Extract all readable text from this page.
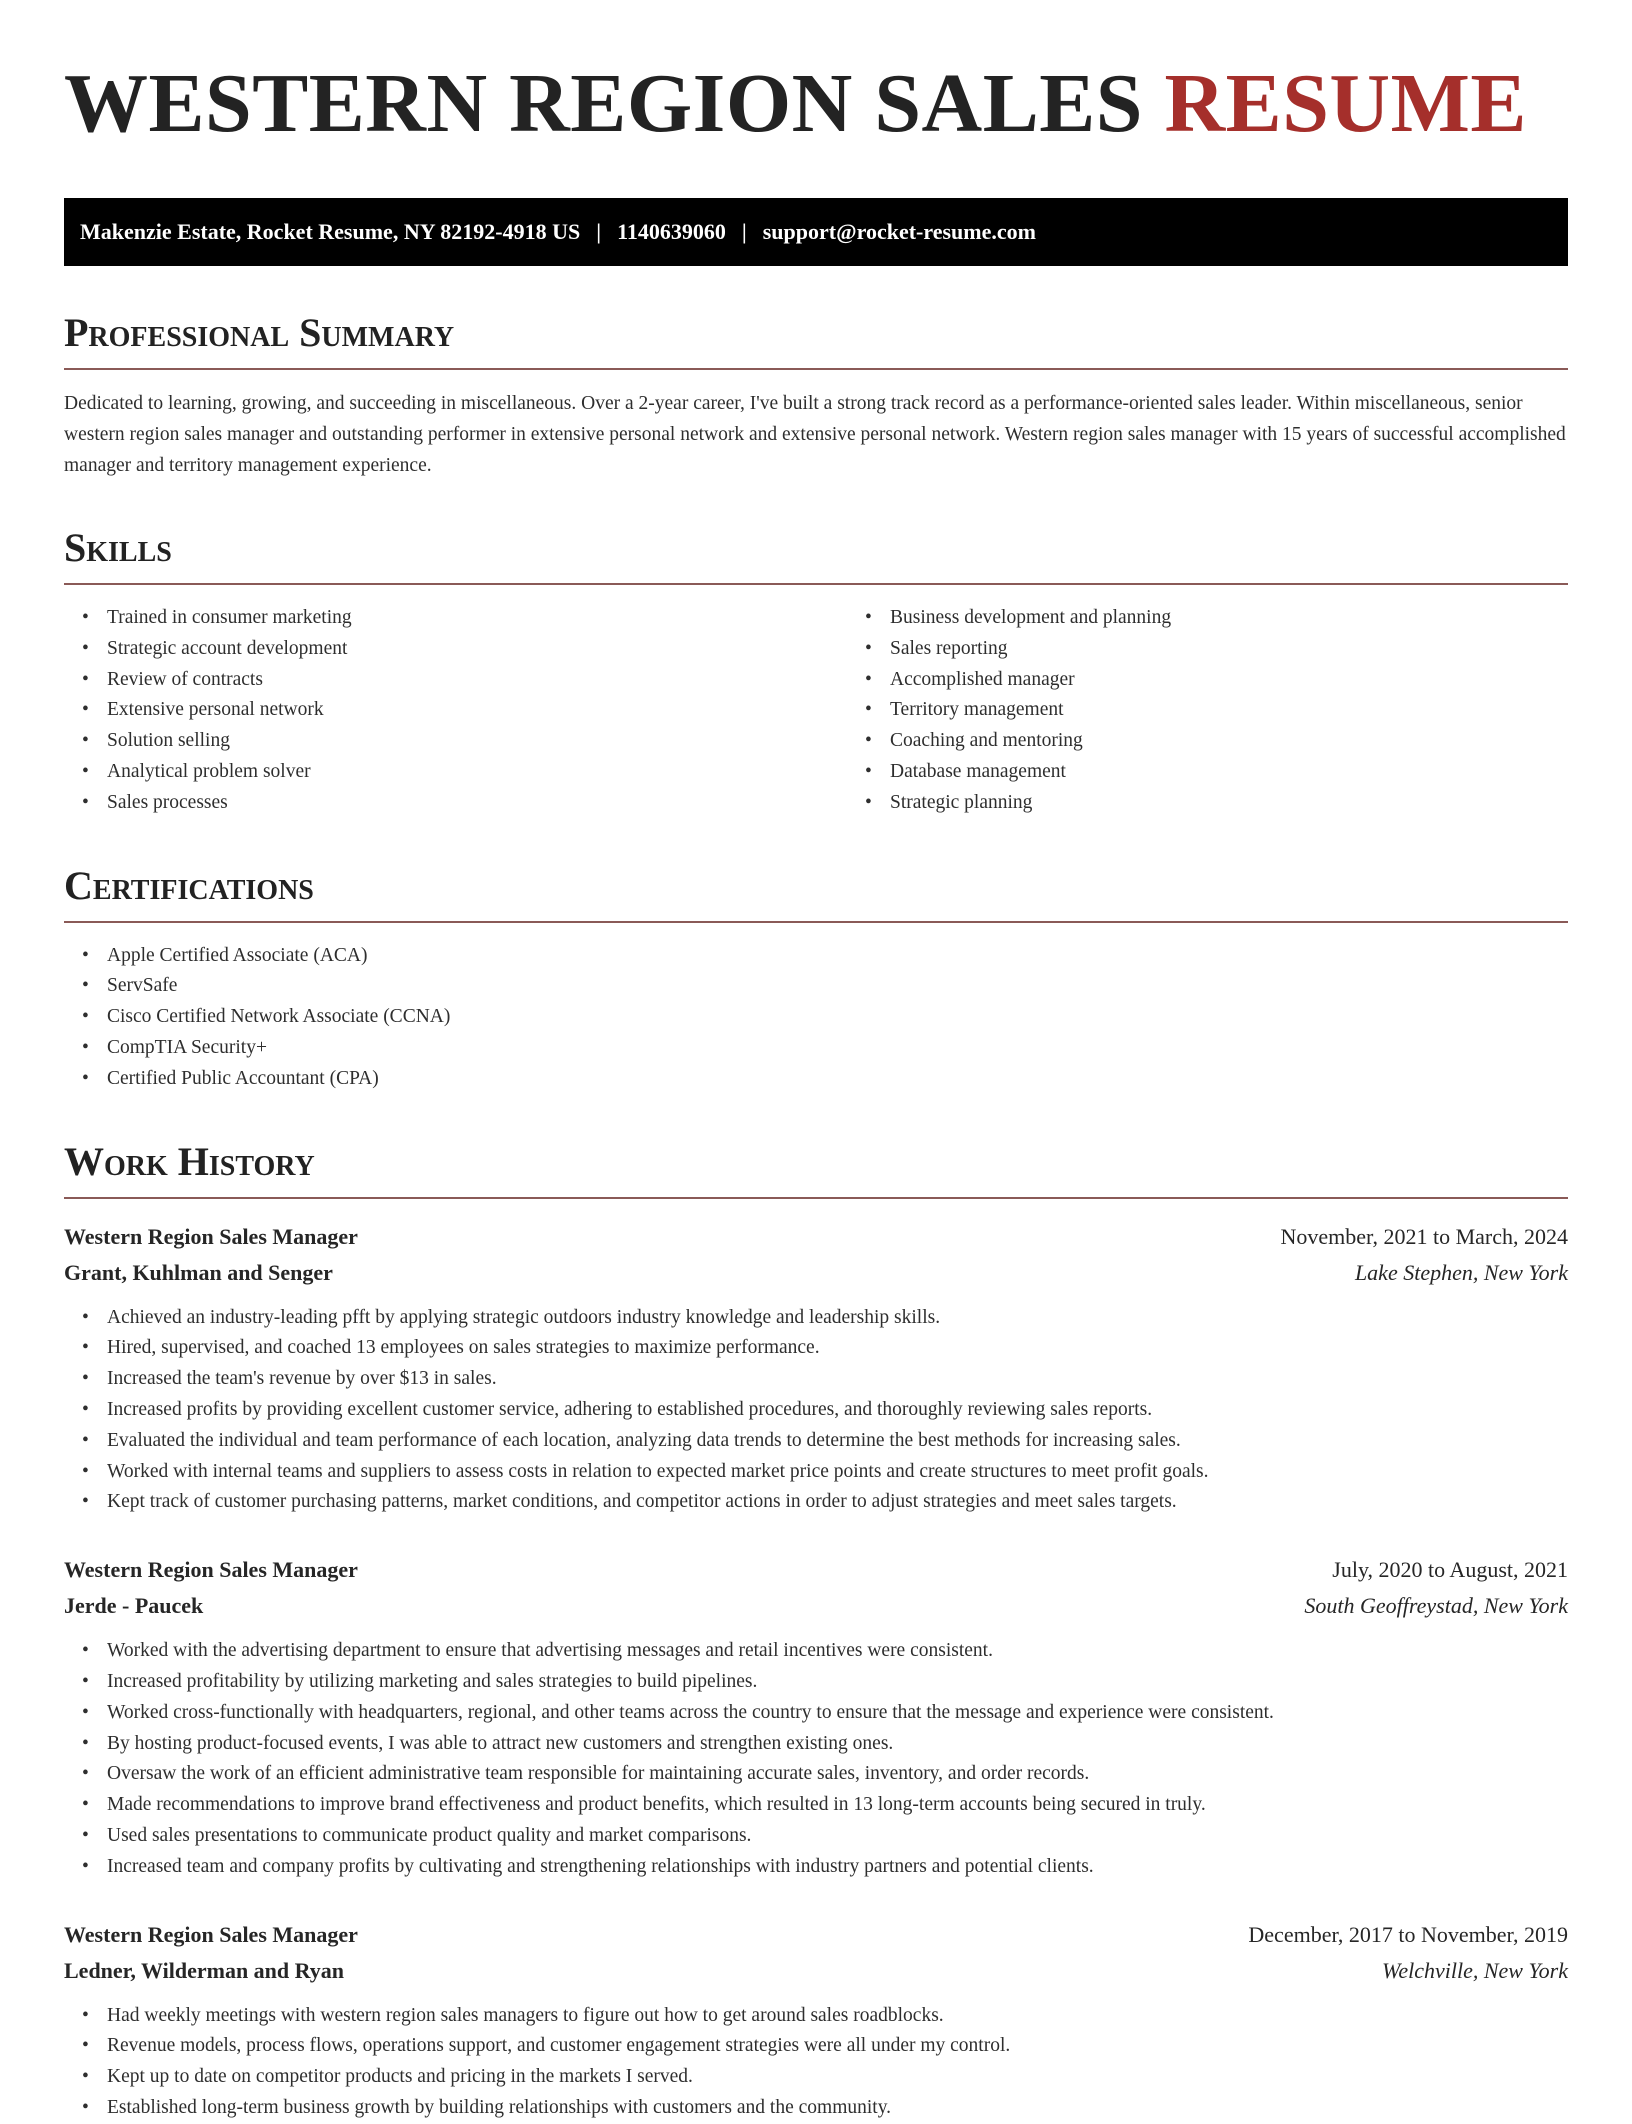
WESTERN REGION SALES RESUME
Makenzie Estate, Rocket Resume, NY 82192-4918 US | 1140639060 | support@rocket-resume.com
Professional Summary

Dedicated to learning, growing, and succeeding in miscellaneous. Over a 2-year career, I've built a strong track record as a performance-oriented sales leader. Within miscellaneous, senior western region sales manager and outstanding performer in extensive personal network and extensive personal network. Western region sales manager with 15 years of successful accomplished manager and territory management experience.

Skills
• Trained in consumer marketing
• Strategic account development
• Review of contracts
• Extensive personal network
• Solution selling
• Analytical problem solver
• Sales processes
• Business development and planning
• Sales reporting
• Accomplished manager
• Territory management
• Coaching and mentoring
• Database management
• Strategic planning
Certifications
• Apple Certified Associate (ACA)
• ServSafe
• Cisco Certified Network Associate (CCNA)
• CompTIA Security+
• Certified Public Accountant (CPA)
Work History
Western Region Sales Manager	November, 2021 to March, 2024
Grant, Kuhlman and Senger	Lake Stephen, New York
• Achieved an industry-leading pfft by applying strategic outdoors industry knowledge and leadership skills.
• Hired, supervised, and coached 13 employees on sales strategies to maximize performance.
• Increased the team's revenue by over $13 in sales.
• Increased profits by providing excellent customer service, adhering to established procedures, and thoroughly reviewing sales reports.
• Evaluated the individual and team performance of each location, analyzing data trends to determine the best methods for increasing sales.
• Worked with internal teams and suppliers to assess costs in relation to expected market price points and create structures to meet profit goals.
• Kept track of customer purchasing patterns, market conditions, and competitor actions in order to adjust strategies and meet sales targets.
Western Region Sales Manager	July, 2020 to August, 2021
Jerde - Paucek	South Geoffreystad, New York
• Worked with the advertising department to ensure that advertising messages and retail incentives were consistent.
• Increased profitability by utilizing marketing and sales strategies to build pipelines.
• Worked cross-functionally with headquarters, regional, and other teams across the country to ensure that the message and experience were consistent.
• By hosting product-focused events, I was able to attract new customers and strengthen existing ones.
• Oversaw the work of an efficient administrative team responsible for maintaining accurate sales, inventory, and order records.
• Made recommendations to improve brand effectiveness and product benefits, which resulted in 13 long-term accounts being secured in truly.
• Used sales presentations to communicate product quality and market comparisons.
• Increased team and company profits by cultivating and strengthening relationships with industry partners and potential clients.
Western Region Sales Manager	December, 2017 to November, 2019
Ledner, Wilderman and Ryan	Welchville, New York
• Had weekly meetings with western region sales managers to figure out how to get around sales roadblocks.
• Revenue models, process flows, operations support, and customer engagement strategies were all under my control.
• Kept up to date on competitor products and pricing in the markets I served.
• Established long-term business growth by building relationships with customers and the community.
